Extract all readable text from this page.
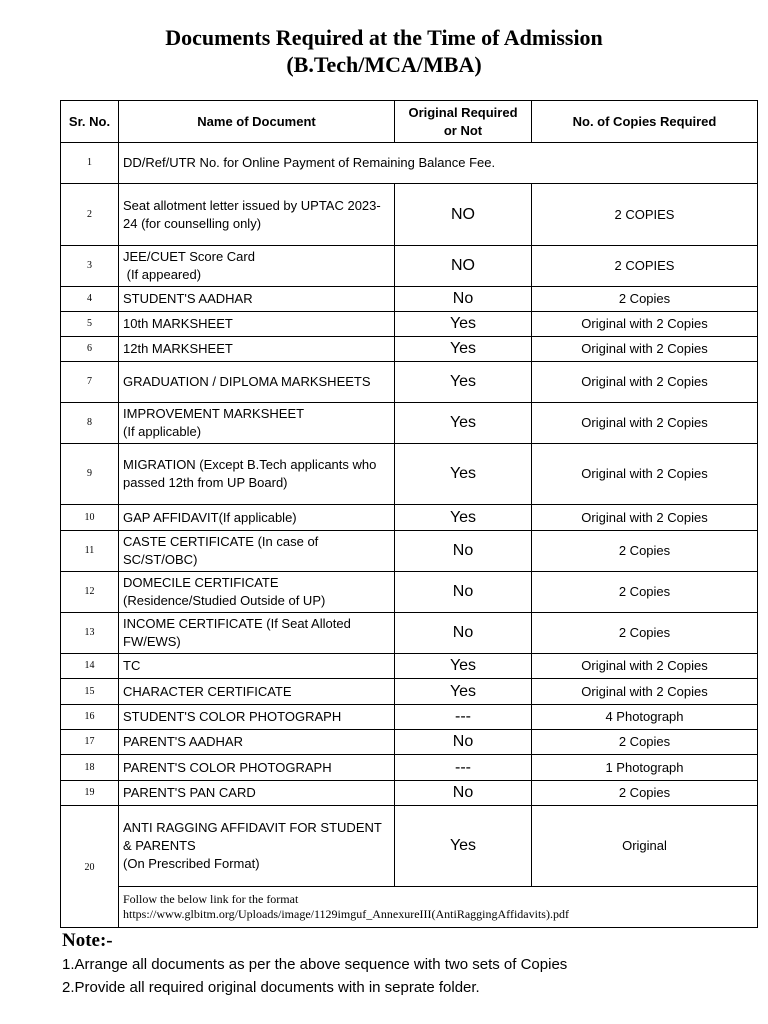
Documents Required at the Time of Admission
(B.Tech/MCA/MBA)
Sr. No.	Name of Document	Original Required
or Not	No. of Copies Required
1	DD/Ref/UTR No. for Online Payment of Remaining Balance Fee.		
2	Seat allotment letter issued by UPTAC 2023-24 (for counselling only)	NO	2 COPIES
3	JEE/CUET Score Card
(If appeared)	NO	2 COPIES
4	STUDENT'S AADHAR	No	2 Copies
5	10th MARKSHEET	Yes	Original with 2 Copies
6	12th MARKSHEET	Yes	Original with 2 Copies
7	GRADUATION / DIPLOMA MARKSHEETS	Yes	Original with 2 Copies
8	IMPROVEMENT MARKSHEET
(If applicable)	Yes	Original with 2 Copies
9	MIGRATION (Except B.Tech applicants who passed 12th from UP Board)	Yes	Original with 2 Copies
10	GAP AFFIDAVIT(If applicable)	Yes	Original with 2 Copies
11	CASTE CERTIFICATE (In case of SC/ST/OBC)	No	2 Copies
12	DOMECILE CERTIFICATE
(Residence/Studied Outside of UP)	No	2 Copies
13	INCOME CERTIFICATE (If Seat Alloted FW/EWS)	No	2 Copies
14	TC	Yes	Original with 2 Copies
15	CHARACTER CERTIFICATE	Yes	Original with 2 Copies
16	STUDENT'S COLOR PHOTOGRAPH	---	4 Photograph
17	PARENT'S AADHAR	No	2 Copies
18	PARENT'S COLOR PHOTOGRAPH	---	1 Photograph
19	PARENT'S PAN CARD	No	2 Copies
20	ANTI RAGGING AFFIDAVIT FOR STUDENT & PARENTS
(On Prescribed Format)	Yes	Original

	Follow the below link for the format
https://www.glbitm.org/Uploads/image/1129imguf_AnnexureIII(AntiRaggingAffidavits).pdf		
Note:-
1.Arrange all documents as per the above sequence with two sets of Copies
2.Provide all required original documents with in seprate folder.
